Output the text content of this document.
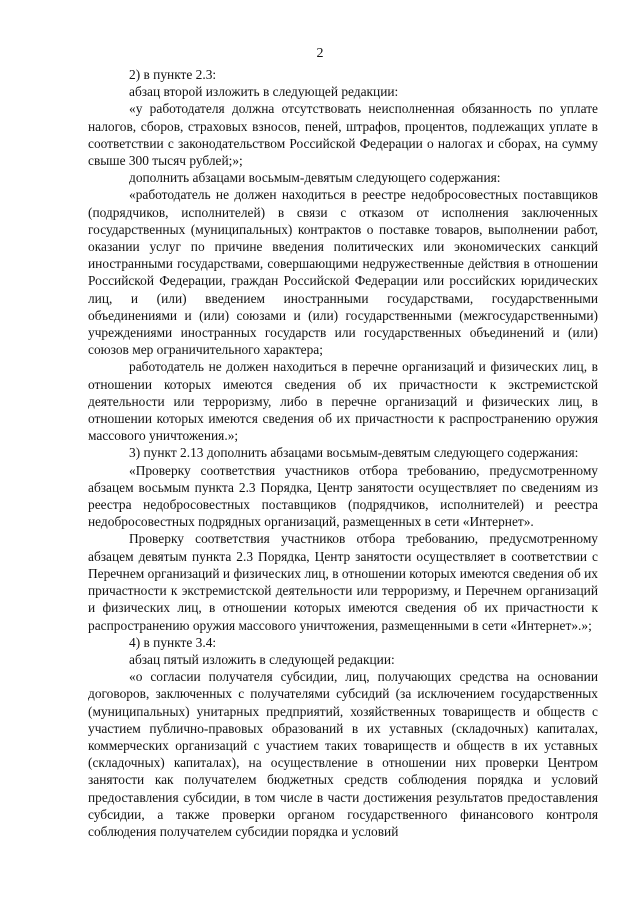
2

2) в пункте 2.3:

абзац второй изложить в следующей редакции:

«у работодателя должна отсутствовать неисполненная обязанность по уплате налогов, сборов, страховых взносов, пеней, штрафов, процентов, подлежащих уплате в соответствии с законодательством Российской Федерации о налогах и сборах, на сумму свыше 300 тысяч рублей;»;

дополнить абзацами восьмым-девятым следующего содержания:

«работодатель не должен находиться в реестре недобросовестных поставщиков (подрядчиков, исполнителей) в связи с отказом от исполнения заключенных государственных (муниципальных) контрактов о поставке товаров, выполнении работ, оказании услуг по причине введения политических или экономических санкций иностранными государствами, совершающими недружественные действия в отношении Российской Федерации, граждан Российской Федерации или российских юридических лиц, и (или) введением иностранными государствами, государственными объединениями и (или) союзами и (или) государственными (межгосударственными) учреждениями иностранных государств или государственных объединений и (или) союзов мер ограничительного характера;

работодатель не должен находиться в перечне организаций и физических лиц, в отношении которых имеются сведения об их причастности к экстремистской деятельности или терроризму, либо в перечне организаций и физических лиц, в отношении которых имеются сведения об их причастности к распространению оружия массового уничтожения.»;

3) пункт 2.13 дополнить абзацами восьмым-девятым следующего содержания:

«Проверку соответствия участников отбора требованию, предусмотренному абзацем восьмым пункта 2.3 Порядка, Центр занятости осуществляет по сведениям из реестра недобросовестных поставщиков (подрядчиков, исполнителей) и реестра недобросовестных подрядных организаций, размещенных в сети «Интернет».

Проверку соответствия участников отбора требованию, предусмотренному абзацем девятым пункта 2.3 Порядка, Центр занятости осуществляет в соответствии с Перечнем организаций и физических лиц, в отношении которых имеются сведения об их причастности к экстремистской деятельности или терроризму, и Перечнем организаций и физических лиц, в отношении которых имеются сведения об их причастности к распространению оружия массового уничтожения, размещенными в сети «Интернет».»;

4) в пункте 3.4:

абзац пятый изложить в следующей редакции:

«о согласии получателя субсидии, лиц, получающих средства на основании договоров, заключенных с получателями субсидий (за исключением государственных (муниципальных) унитарных предприятий, хозяйственных товариществ и обществ с участием публично-правовых образований в их уставных (складочных) капиталах, коммерческих организаций с участием таких товариществ и обществ в их уставных (складочных) капиталах), на осуществление в отношении них проверки Центром занятости как получателем бюджетных средств соблюдения порядка и условий предоставления субсидии, в том числе в части достижения результатов предоставления субсидии, а также проверки органом государственного финансового контроля соблюдения получателем субсидии порядка и условий
